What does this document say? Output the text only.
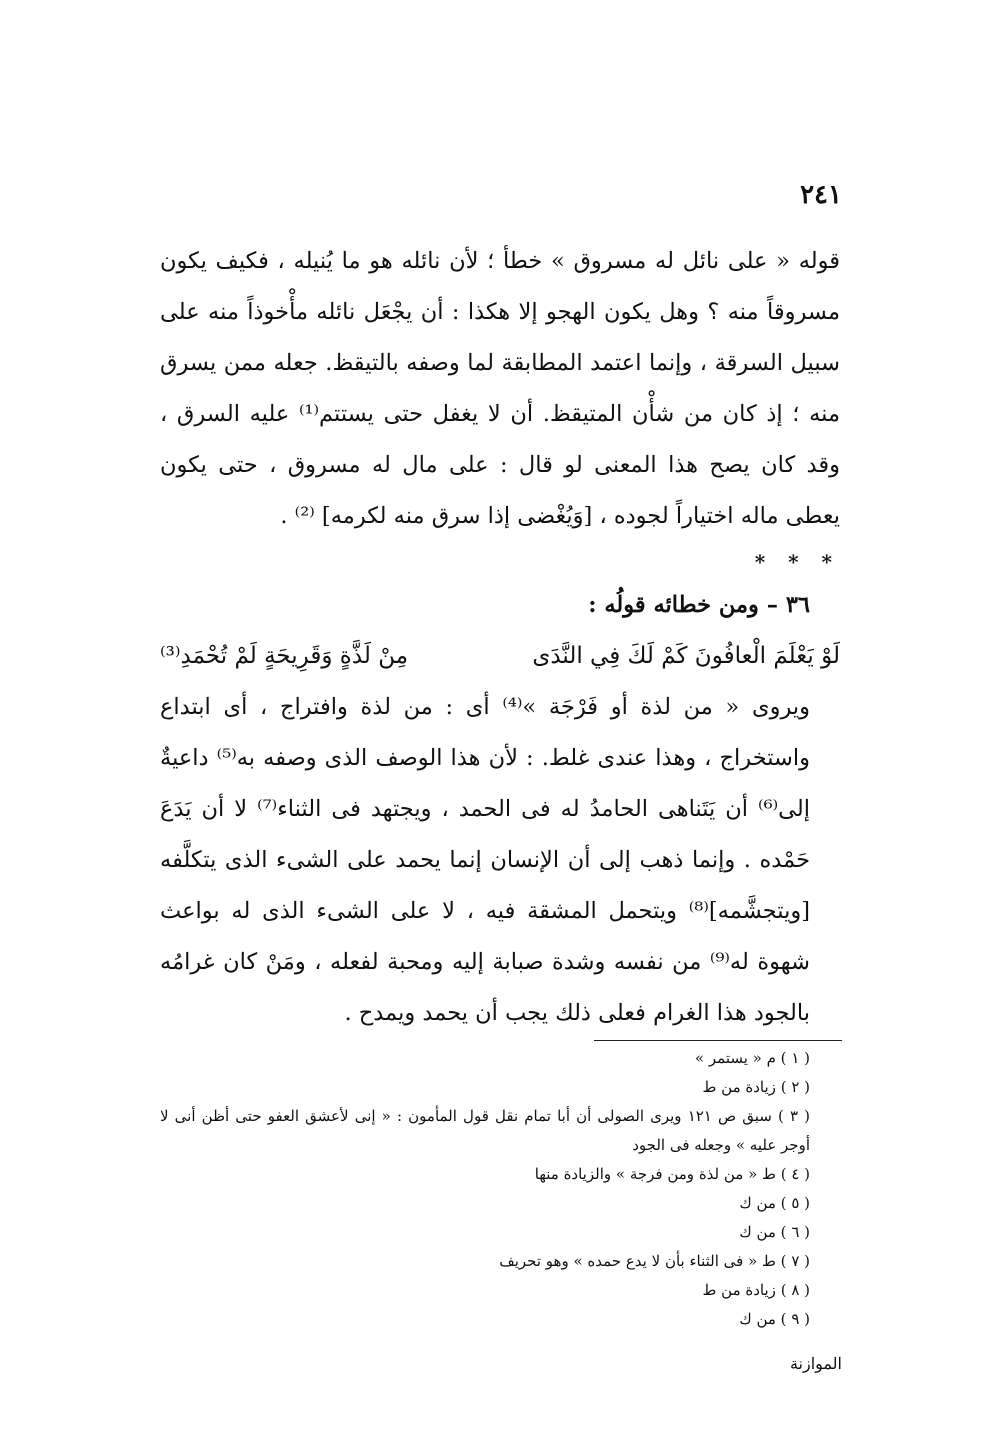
٢٤١

قوله « على نائل له مسروق » خطأ ؛ لأن نائله هو ما يُنيله ، فكيف يكون مسروقاً منه ؟ وهل يكون الهجو إلا هكذا : أن يجْعَل نائله مأْخوذاً منه على سبيل السرقة ، وإنما اعتمد المطابقة لما وصفه بالتيقظ. جعله ممن يسرق منه ؛ إذ كان من شأْن المتيقظ. أن لا يغفل حتى يستتم⁽¹⁾ عليه السرق ، وقد كان يصح هذا المعنى لو قال : على مال له مسروق ، حتى يكون يعطى ماله اختياراً لجوده ، [وَيُغْضى إذا سرق منه لكرمه] ⁽²⁾ .

* * *

٣٦ – ومن خطائه قولُه :

لَوْ يَعْلَمَ الْعافُونَ كَمْ لَكَ فِي النَّدَى
مِنْ لَذَّةٍ وَقَرِيحَةٍ لَمْ تُحْمَدِ⁽³⁾

ويروى « من لذة أو فَرْجَة »⁽⁴⁾ أى : من لذة وافتراج ، أى ابتداع واستخراج ، وهذا عندى غلط. : لأن هذا الوصف الذى وصفه به⁽⁵⁾ داعيةٌ إلى⁽⁶⁾ أن يَتَناهى الحامدُ له فى الحمد ، ويجتهد فى الثناء⁽⁷⁾ لا أن يَدَعَ حَمْده . وإنما ذهب إلى أن الإنسان إنما يحمد على الشىء الذى يتكلَّفه [ويتجشَّمه]⁽⁸⁾ ويتحمل المشقة فيه ، لا على الشىء الذى له بواعث شهوة له⁽⁹⁾ من نفسه وشدة صبابة إليه ومحبة لفعله ، ومَنْ كان غرامُه بالجود هذا الغرام فعلى ذلك يجب أن يحمد ويمدح .

( ١ ) م « يستمر »
( ٢ ) زيادة من ط
( ٣ ) سبق ص ١٢١ ويرى الصولى أن أبا تمام نقل قول المأمون : « إنى لأعشق العفو حتى أظن أنى لا أوجر عليه » وجعله فى الجود
( ٤ ) ط « من لذة ومن فرجة » والزيادة منها
( ٥ ) من ك
( ٦ ) من ك
( ٧ ) ط « فى الثناء بأن لا يدع حمده » وهو تحريف
( ٨ ) زيادة من ط
( ٩ ) من ك
الموازنة
